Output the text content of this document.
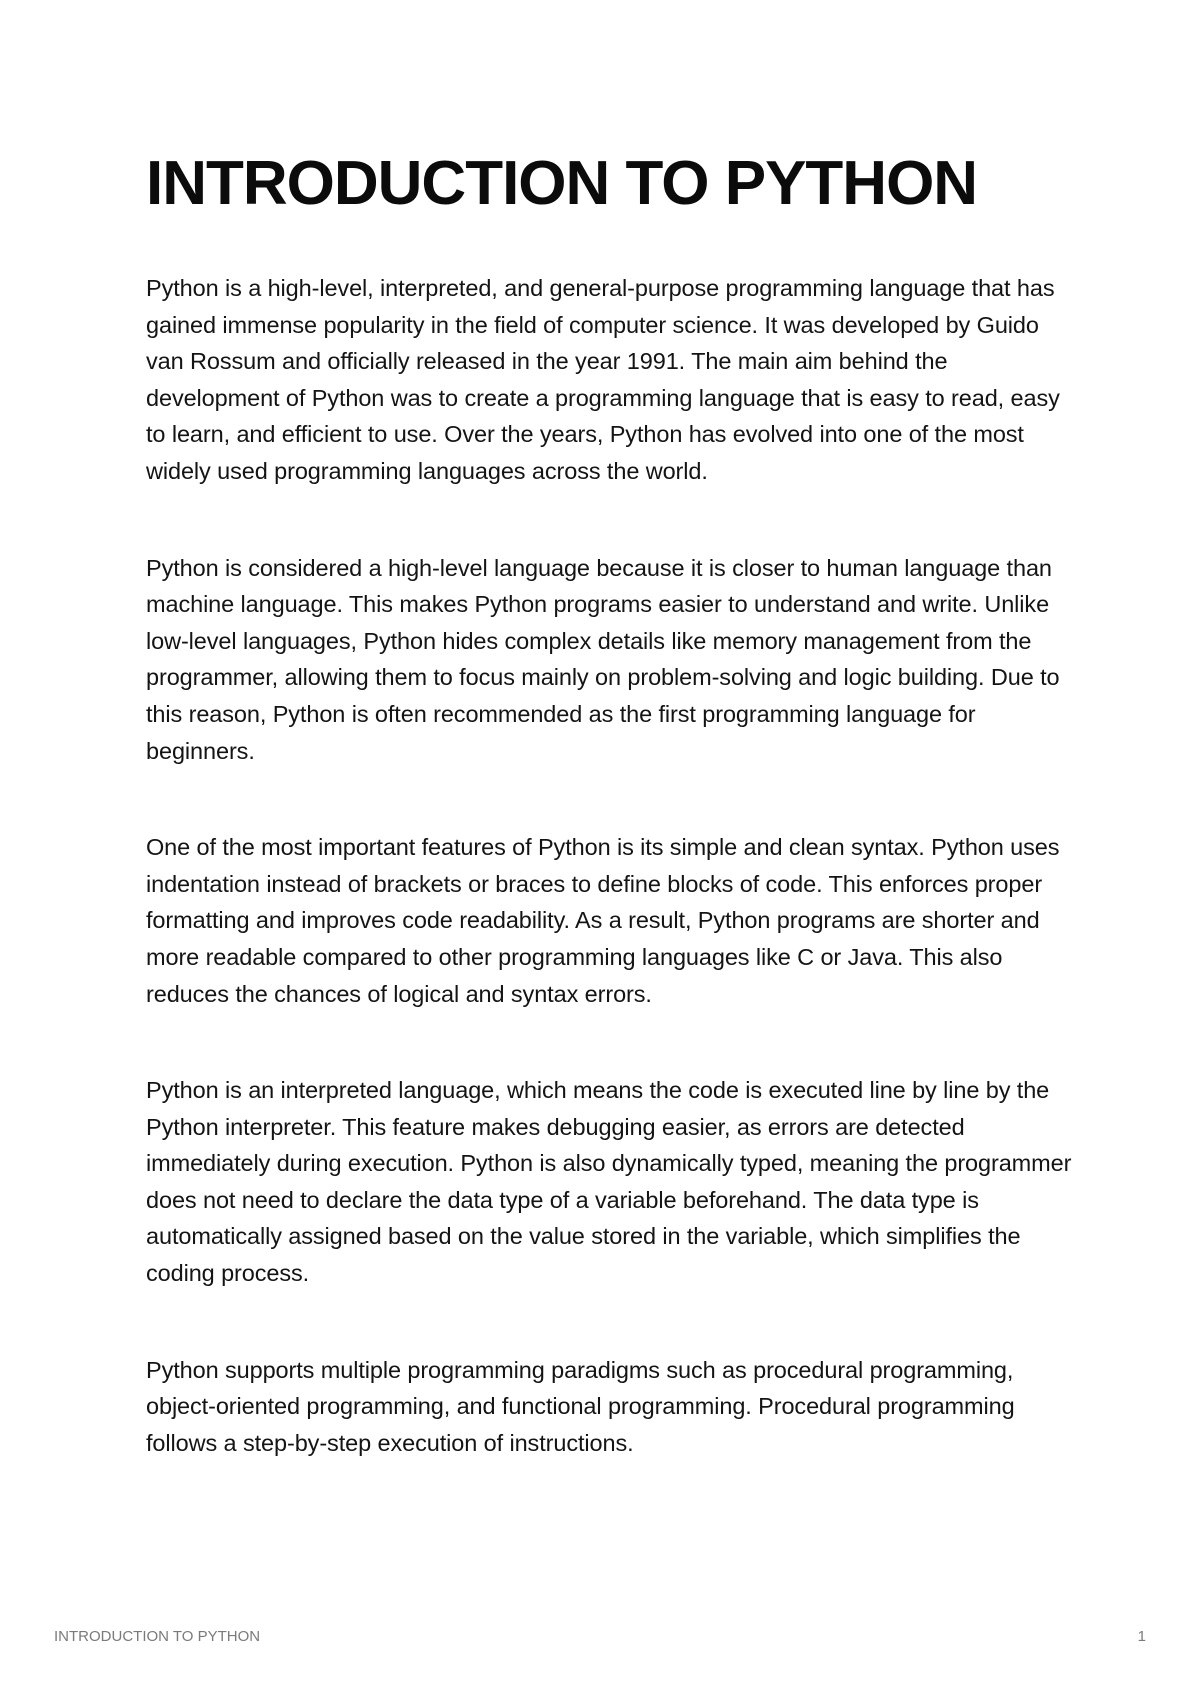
INTRODUCTION TO PYTHON

Python is a high-level, interpreted, and general-purpose programming language that has gained immense popularity in the field of computer science. It was developed by Guido van Rossum and officially released in the year 1991. The main aim behind the development of Python was to create a programming language that is easy to read, easy to learn, and efficient to use. Over the years, Python has evolved into one of the most widely used programming languages across the world.

Python is considered a high-level language because it is closer to human language than machine language. This makes Python programs easier to understand and write. Unlike low-level languages, Python hides complex details like memory management from the programmer, allowing them to focus mainly on problem-solving and logic building. Due to this reason, Python is often recommended as the first programming language for beginners.

One of the most important features of Python is its simple and clean syntax. Python uses indentation instead of brackets or braces to define blocks of code. This enforces proper formatting and improves code readability. As a result, Python programs are shorter and more readable compared to other programming languages like C or Java. This also reduces the chances of logical and syntax errors.

Python is an interpreted language, which means the code is executed line by line by the Python interpreter. This feature makes debugging easier, as errors are detected immediately during execution. Python is also dynamically typed, meaning the programmer does not need to declare the data type of a variable beforehand. The data type is automatically assigned based on the value stored in the variable, which simplifies the coding process.

Python supports multiple programming paradigms such as procedural programming, object-oriented programming, and functional programming. Procedural programming follows a step-by-step execution of instructions.

INTRODUCTION TO PYTHON	1
